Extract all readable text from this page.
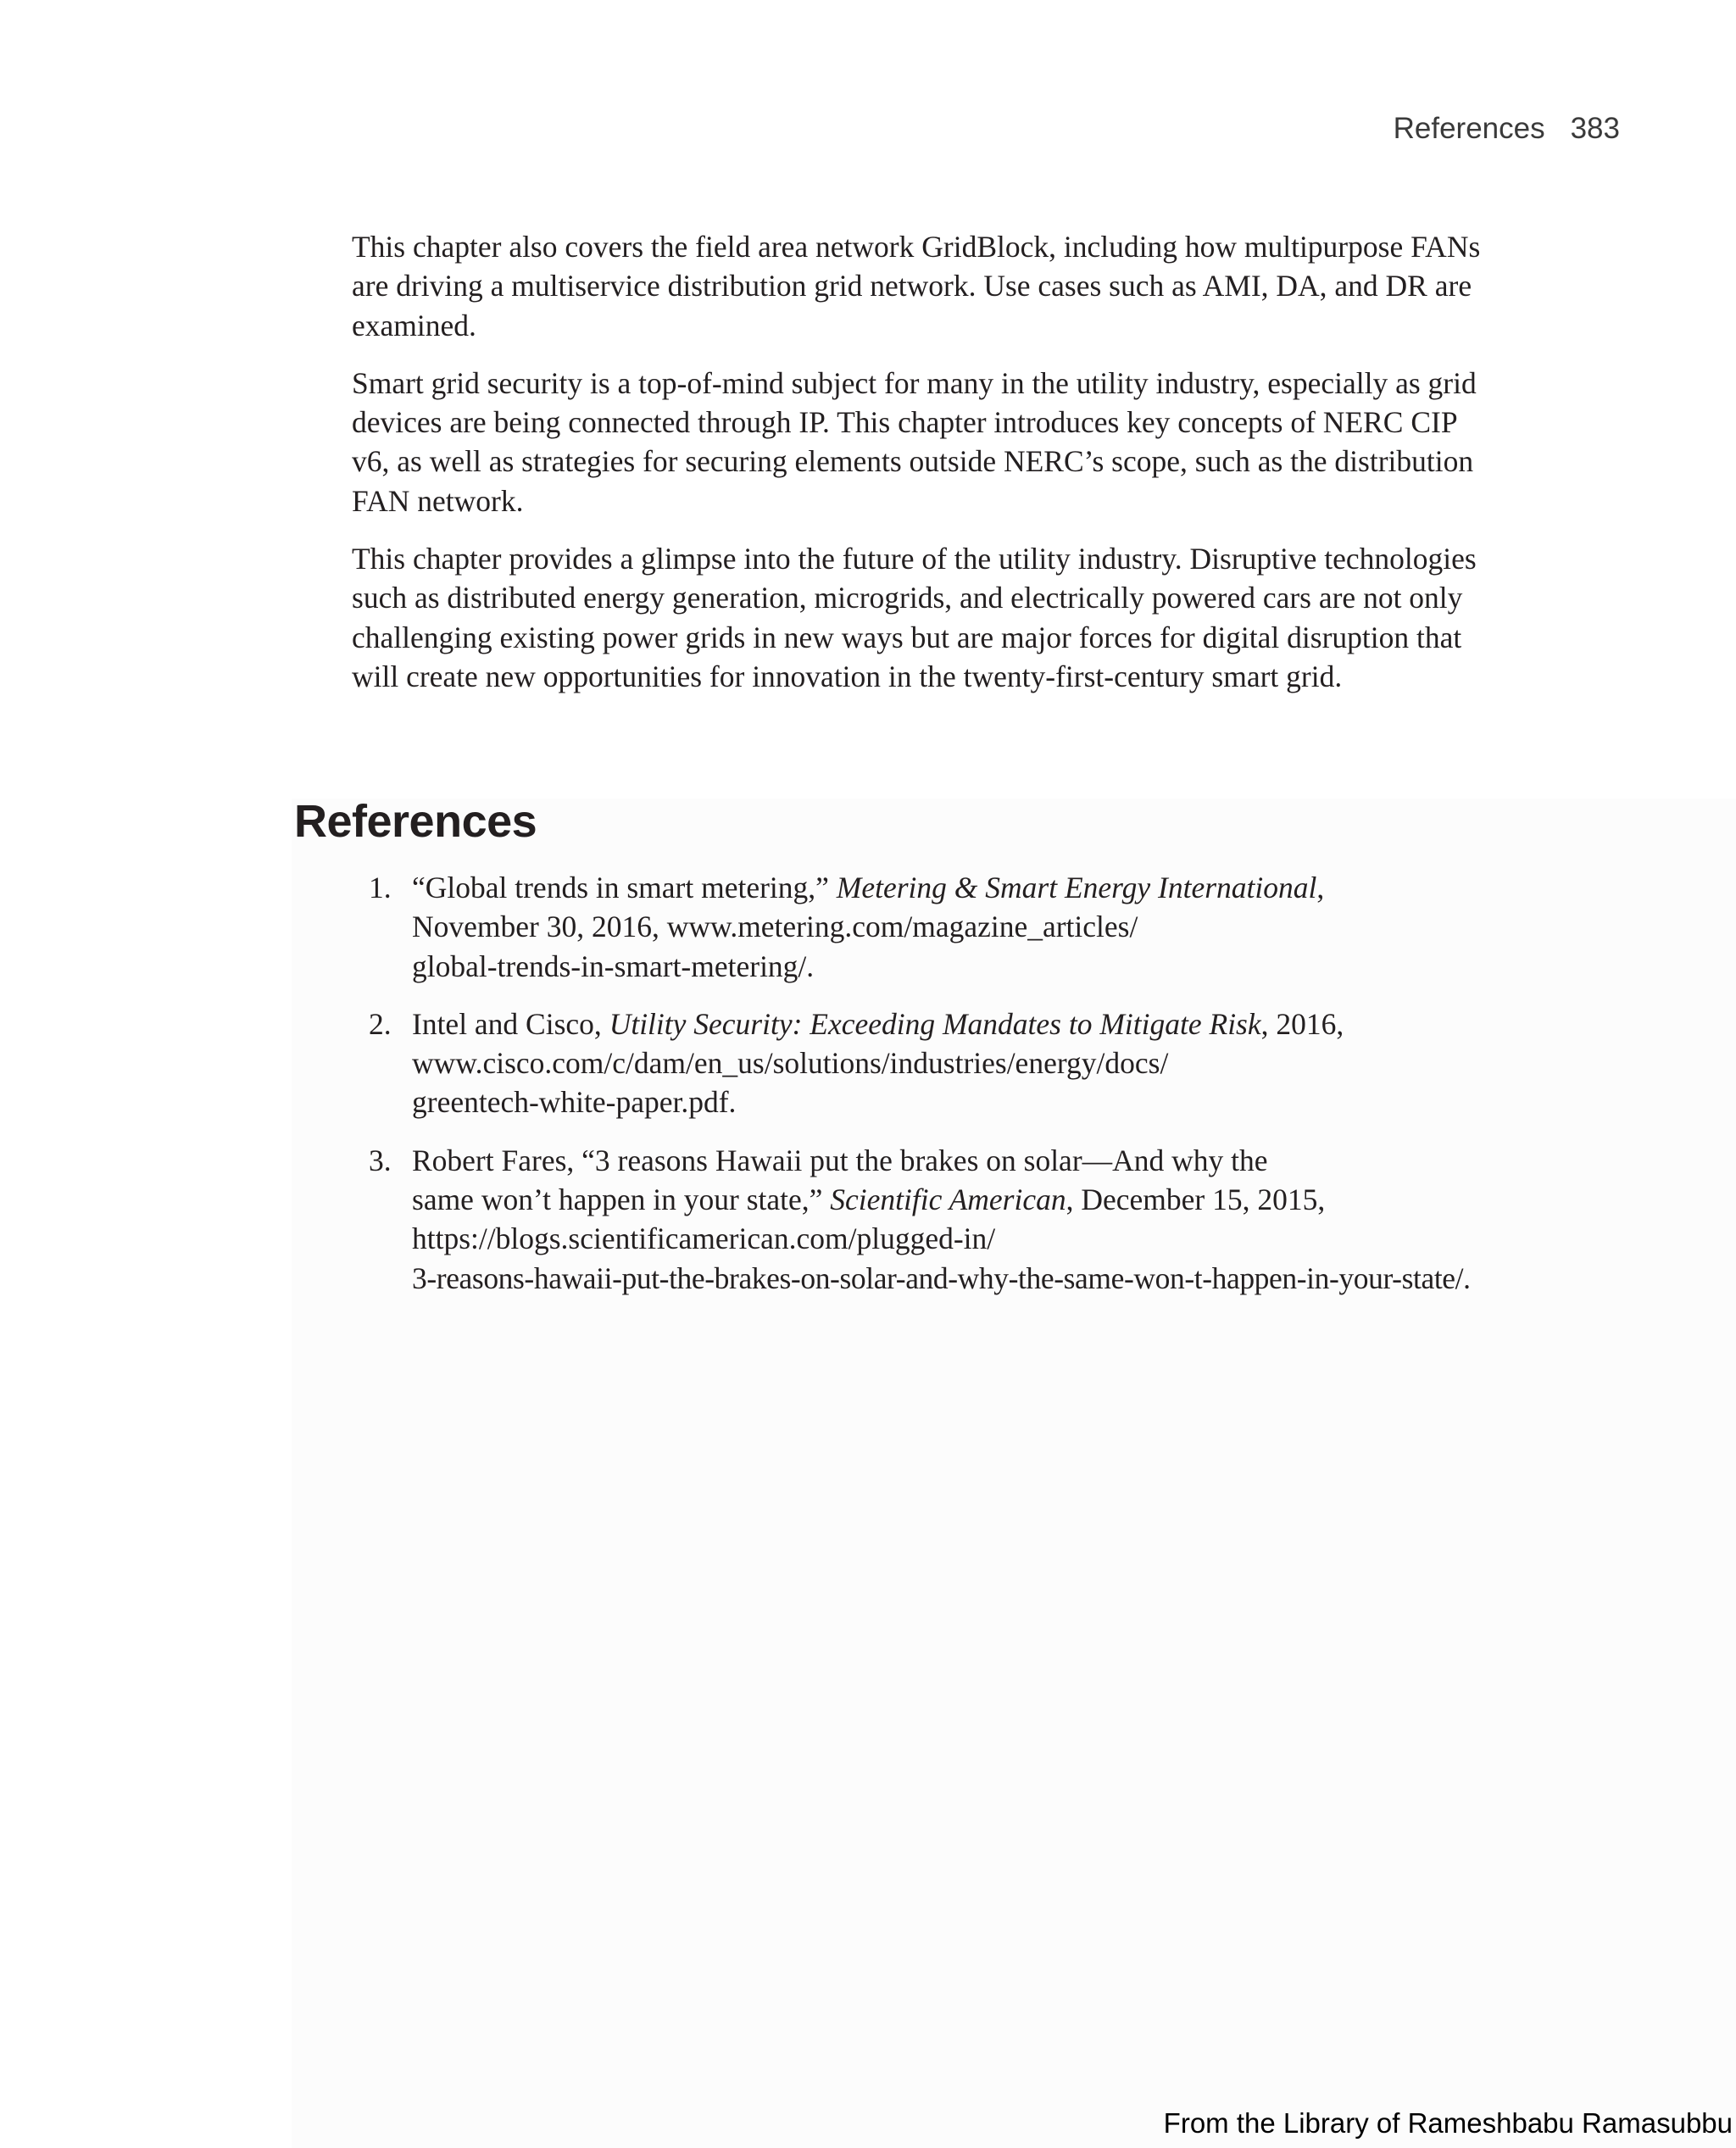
References 383

This chapter also covers the field area network GridBlock, including how multipurpose FANs are driving a multiservice distribution grid network. Use cases such as AMI, DA, and DR are examined.

Smart grid security is a top-of-mind subject for many in the utility industry, especially as grid devices are being connected through IP. This chapter introduces key concepts of NERC CIP v6, as well as strategies for securing elements outside NERC’s scope, such as the distribution FAN network.

This chapter provides a glimpse into the future of the utility industry. Disruptive technologies such as distributed energy generation, microgrids, and electrically powered cars are not only challenging existing power grids in new ways but are major forces for digital disruption that will create new opportunities for innovation in the twenty-first-century smart grid.

References
1. “Global trends in smart metering,” Metering & Smart Energy International,
November 30, 2016, www.metering.com/magazine_articles/
global-trends-in-smart-metering/.
2. Intel and Cisco, Utility Security: Exceeding Mandates to Mitigate Risk, 2016,
www.cisco.com/c/dam/en_us/solutions/industries/energy/docs/
greentech-white-paper.pdf.
3. Robert Fares, “3 reasons Hawaii put the brakes on solar—And why the
same won’t happen in your state,” Scientific American, December 15, 2015,
https://blogs.scientificamerican.com/plugged-in/
3-reasons-hawaii-put-the-brakes-on-solar-and-why-the-same-won-t-happen-in-your-state/.
From the Library of Rameshbabu Ramasubbu
